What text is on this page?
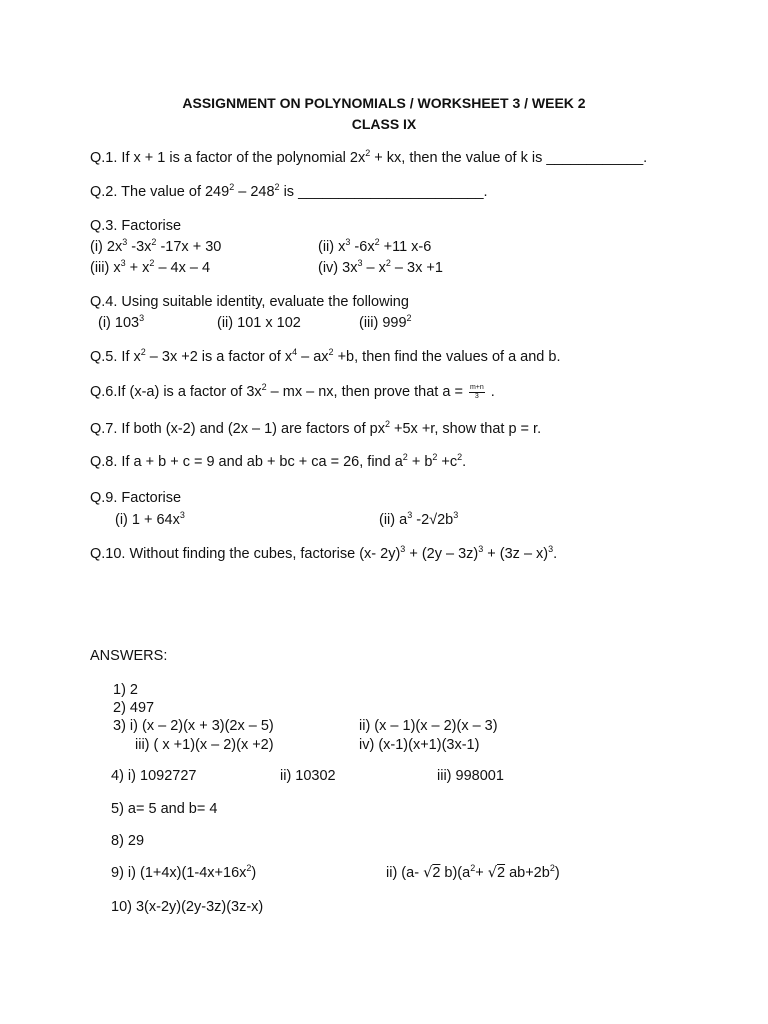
ASSIGNMENT ON POLYNOMIALS / WORKSHEET 3 / WEEK 2
CLASS IX
Q.1. If x + 1 is a factor of the polynomial $2x^2$ + kx, then the value of k is ____________.
Q.2. The value of $249^2 - 248^2$ is _______________________.
Q.3. Factorise
(i) $2x^3$ $-3x^2$ -17x + 30	(ii) $x^3$ $-6x^2 +11$ x-6
(iii) $x^3 + x^2 - 4x - 4$	(iv) $3x^3 - x^2 - 3x +1$
Q.4. Using suitable identity, evaluate the following
(i) $103^3$	(ii) 101 x 102	(iii) $999^2$
Q.5. If $x^2 - 3x +2$ is a factor of $x^4 - ax^2 +b$, then find the values of a and b.
Q.6.If (x-a) is a factor of $3x^2$ – mx – nx, then prove that $a = \frac{m+n}{3}$ .
Q.7. If both (x-2) and (2x – 1) are factors of $px^2 +5x +r$, show that p = r.
Q.8. If a + b + c = 9 and ab + bc + ca = 26, find $a^2 + b^2 +c^2$.
Q.9. Factorise
(i) $1 + 64x^3$	(ii) $a^3$ $-2√2b^3$
Q.10. Without finding the cubes, factorise (x- 2y)$^3$ + (2y – 3z)$^3$ + (3z – x)$^3$.
ANSWERS:
1) 2
2) 497
3) i) (x – 2)(x + 3)(2x – 5)	ii) (x – 1)(x – 2)(x – 3)
iii) ( x +1)(x – 2)(x +2)	iv) (x-1)(x+1)(3x-1)
4) i) 1092727	ii) 10302	iii) 998001
5) a= 5 and b= 4
8) 29
9) i) $(1+4x)(1-4x+16x^2)$	ii) (a- √2 $b)(a^2+ √2$ $ab+2b^2$)
10) 3(x-2y)(2y-3z)(3z-x)
